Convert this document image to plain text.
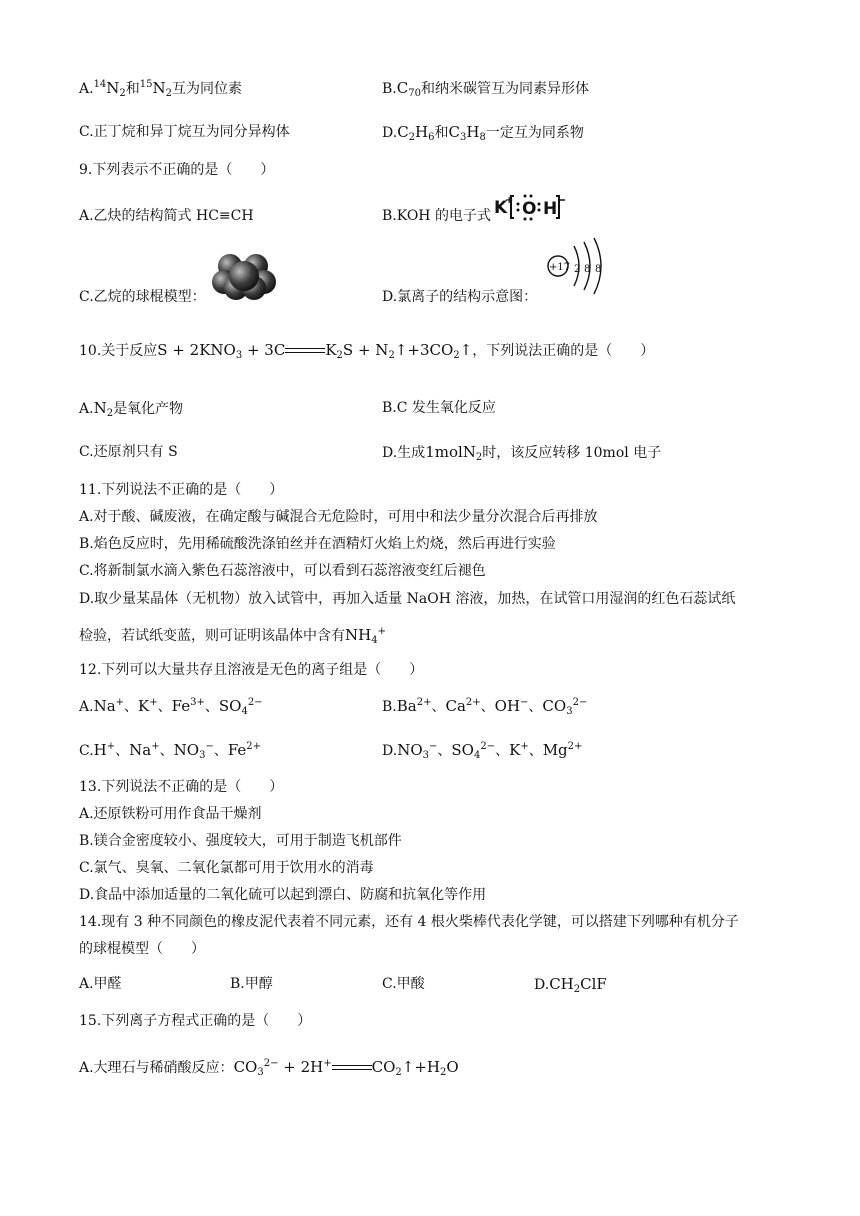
$A.^{14}N_2$和$^{15}N_2$互为同位素	$B.C_{70}$和纳米碳管互为同素异形体
C.正丁烷和异丁烷互为同分异构体	$D.C_2H_6$和$C_3H_8$一定互为同系物
9.下列表示不正确的是（　　）
A.乙炔的结构简式 HC≡CH	B.KOH 的电子式 K
+ O H
+17 2 8 8
C.乙烷的球棍模型：	D.氯离子的结构示意图：
10.关于反应$S + 2KNO_3 + 3C$	$K_2S$ + $N_2↑+3CO_2↑$，下列说法正确的是（　　）
$A.N_2$是氧化产物	B.C 发生氧化反应
C.还原剂只有 S	D.生成1molN$_2$时，该反应转移 10mol 电子
11.下列说法不正确的是（　　）
A.对于酸、碱废液，在确定酸与碱混合无危险时，可用中和法少量分次混合后再排放
B.焰色反应时，先用稀硫酸洗涤铂丝并在酒精灯火焰上灼烧，然后再进行实验
C.将新制氯水滴入紫色石蕊溶液中，可以看到石蕊溶液变红后褪色
D.取少量某晶体（无机物）放入试管中，再加入适量 NaOH 溶液，加热，在试管口用湿润的红色石蕊试纸
检验，若试纸变蓝，则可证明该晶体中含有$NH_4^+$
12.下列可以大量共存且溶液是无色的离子组是（　　）
A.Na+、K+、$Fe^{3+}$、$SO_4^{2-}$	$B.Ba^{2+}$、$Ca^{2+}$、OH−、$CO_3^{2-}$
C.H+、Na+、$NO_3^-$、$Fe^{2+}$	$D.NO_3^-$、$SO_4^{2-}$、K+、$Mg^{2+}$
13.下列说法不正确的是（　　）
A.还原铁粉可用作食品干燥剂
B.镁合金密度较小、强度较大，可用于制造飞机部件
C.氯气、臭氧、二氧化氯都可用于饮用水的消毒
D.食品中添加适量的二氧化硫可以起到漂白、防腐和抗氧化等作用
14.现有 3 种不同颜色的橡皮泥代表着不同元素，还有 4 根火柴棒代表化学键，可以搭建下列哪种有机分子
的球棍模型（　　）
A.甲醛	B.甲醇	C.甲酸	$D.CH_2ClF$
15.下列离子方程式正确的是（　　）
A.大理石与稀硝酸反应：$CO_3^{2-} + 2H^+$	$CO_2↑+H_2O$
